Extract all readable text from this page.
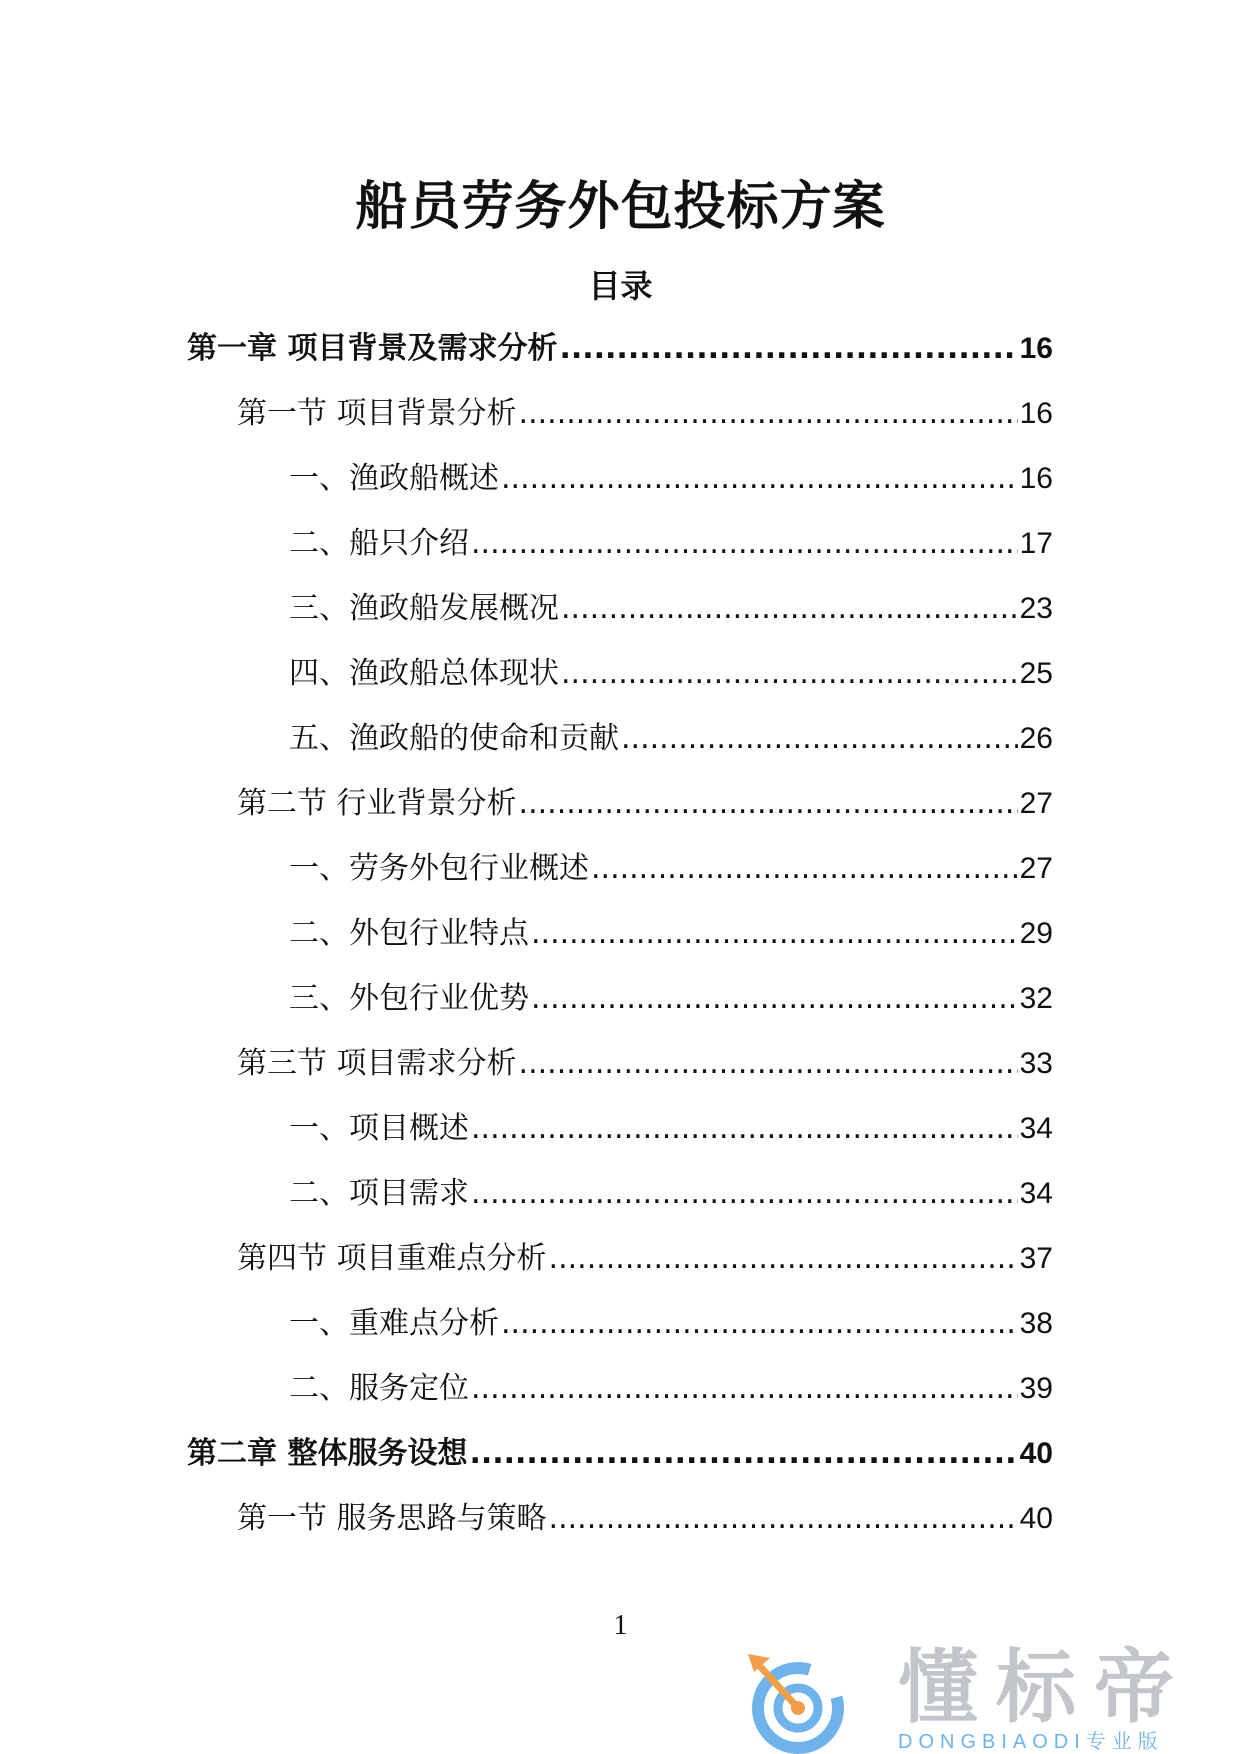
船员劳务外包投标方案
目录
第一章 项目背景及需求分析 .....	16
第一节 项目背景分析 .....	16
一、渔政船概述 .....	16
二、船只介绍 .....	17
三、渔政船发展概况 .....	23
四、渔政船总体现状 .....	25
五、渔政船的使命和贡献 .....	26
第二节 行业背景分析 .....	27
一、劳务外包行业概述 .....	27
二、外包行业特点 .....	29
三、外包行业优势 .....	32
第三节 项目需求分析 .....	33
一、项目概述 .....	34
二、项目需求 .....	34
第四节 项目重难点分析 .....	37
一、重难点分析 .....	38
二、服务定位 .....	39
第二章 整体服务设想 .....	40
第一节 服务思路与策略 .....	40
1
懂标帝
DONGBIAODI专业版
